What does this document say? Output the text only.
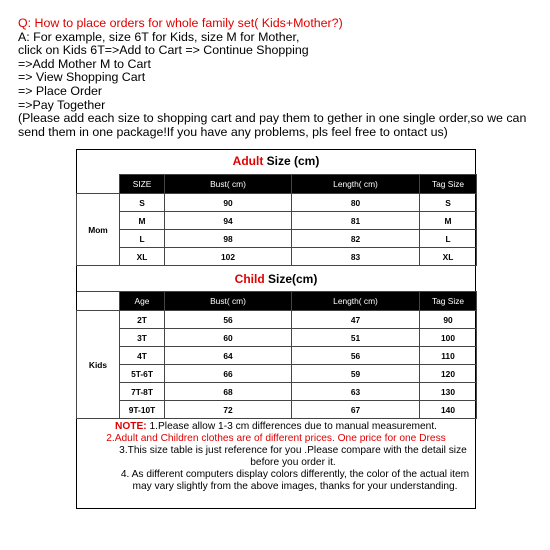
Q: How to place orders for whole family set( Kids+Mother?)
A: For example, size 6T for Kids, size M for Mother,
click on Kids 6T=>Add to Cart => Continue Shopping
=>Add Mother M to Cart
=> View Shopping Cart
=> Place Order
=>Pay Together
(Please add each size to shopping cart and pay them to gether in one single order,so we can send them in one package!If you have any problems, pls feel free to ontact us)
Adult Size (cm)
	SIZE	Bust( cm)	Length( cm)	Tag Size
Mom	S	90	80	S
	M	94	81	M
	L	98	82	L
	XL	102	83	XL
Child Size(cm)
	Age	Bust( cm)	Length( cm)	Tag Size
Kids	2T	56	47	90
	3T	60	51	100
	4T	64	56	110
	5T-6T	66	59	120
	7T-8T	68	63	130
	9T-10T	72	67	140

NOTE: 1.Please allow 1-3 cm differences due to manual measurement.

2.Adult and Children clothes are of different prices. One price for one Dress

3.This size table is just reference for you .Please compare with the detail size before you order it.

4. As different computers display colors differently, the color of the actual item may vary slightly from the above images, thanks for your understanding.
